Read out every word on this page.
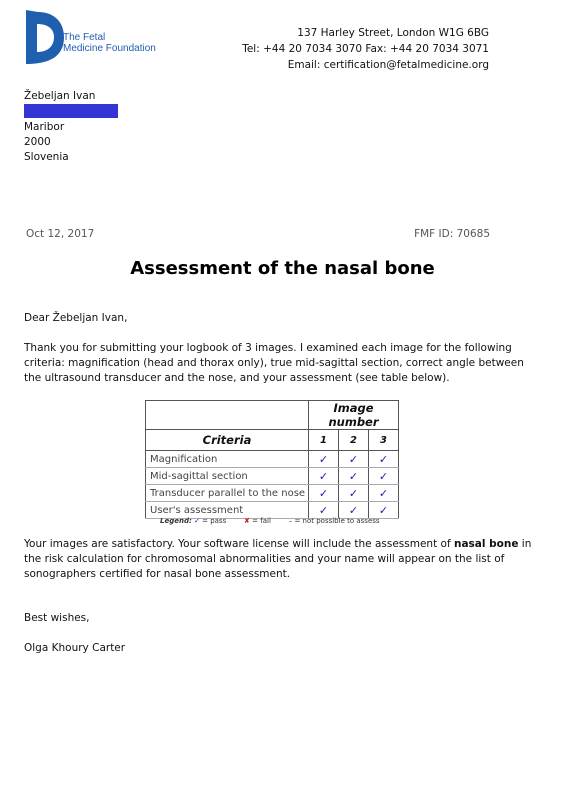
The Fetal
Medicine Foundation
137 Harley Street, London W1G 6BG
Tel: +44 20 7034 3070 Fax: +44 20 7034 3071
Email: certification@fetalmedicine.org
Žebeljan Ivan
Maribor
2000
Slovenia
Oct 12, 2017	FMF ID: 70685
Assessment of the nasal bone
Dear Žebeljan Ivan,
Thank you for submitting your logbook of 3 images. I examined each image for the following criteria: magnification (head and thorax only), true mid-sagittal section, correct angle between the ultrasound transducer and the nose, and your assessment (see table below).
	Image number		
Criteria	1	2	3
Magnification	✓	✓	✓
Mid-sagittal section	✓	✓	✓
Transducer parallel to the nose	✓	✓	✓
User's assessment	✓	✓	✓
Legend: ✓ = pass	✘ = fail	– = not possible to assess
Your images are satisfactory. Your software license will include the assessment of nasal bone in the risk calculation for chromosomal abnormalities and your name will appear on the list of sonographers certified for nasal bone assessment.
Best wishes,
Olga Khoury Carter
